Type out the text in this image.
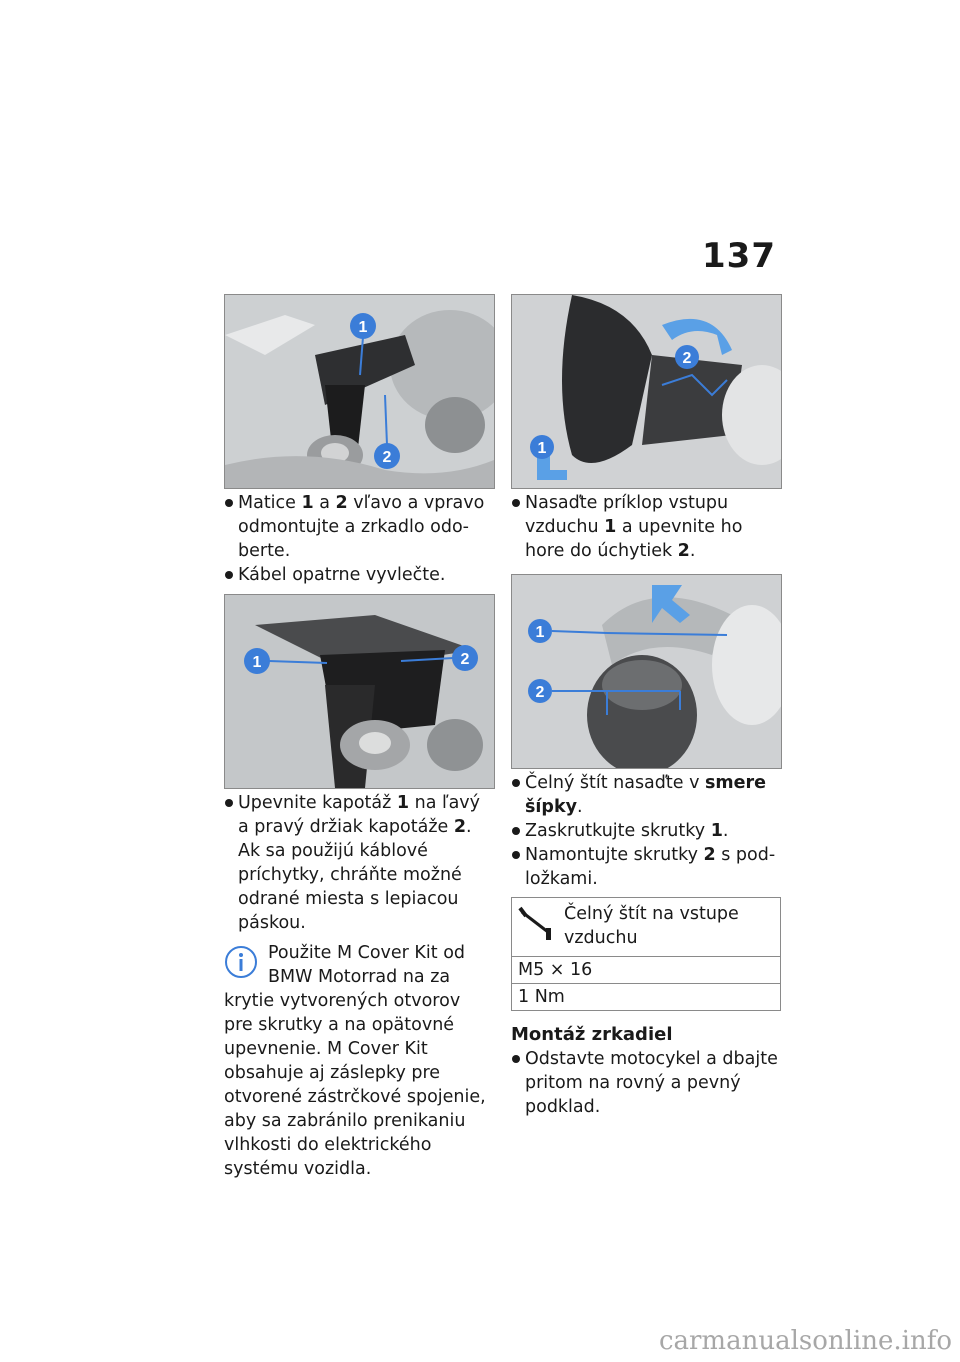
137
1
2
1	2
2
1
1
2
Matice 1 a 2 vľavo a vpravo odmontujte a zrkadlo odoberte.
Kábel opatrne vyvlečte.
Upevnite kapotáž 1 na ľavý a pravý držiak kapotáže 2. Ak sa použijú káblové príchytky, chráňte možné odrané miesta s lepiacou páskou.
Použite M Cover Kit od BMW Motorrad na za
krytie vytvorených otvorov pre skrutky a na opätovné upevnenie. M Cover Kit obsahuje aj záslepky pre otvorené zástrčkové spojenie, aby sa zabránilo prenikaniu vlhkosti do elektrického systému vozidla.
Nasaďte príklop vstupu vzduchu 1 a upevnite ho hore do úchytiek 2.
Čelný štít nasaďte v smere šípky.
Zaskrutkujte skrutky 1.
Namontujte skrutky 2 s podložkami.
Čelný štít na vstupe vzduchu
M5 × 16
1 Nm
Montáž zrkadiel
Odstavte motocykel a dbajte pritom na rovný a pevný podklad.
carmanualsonline.info
